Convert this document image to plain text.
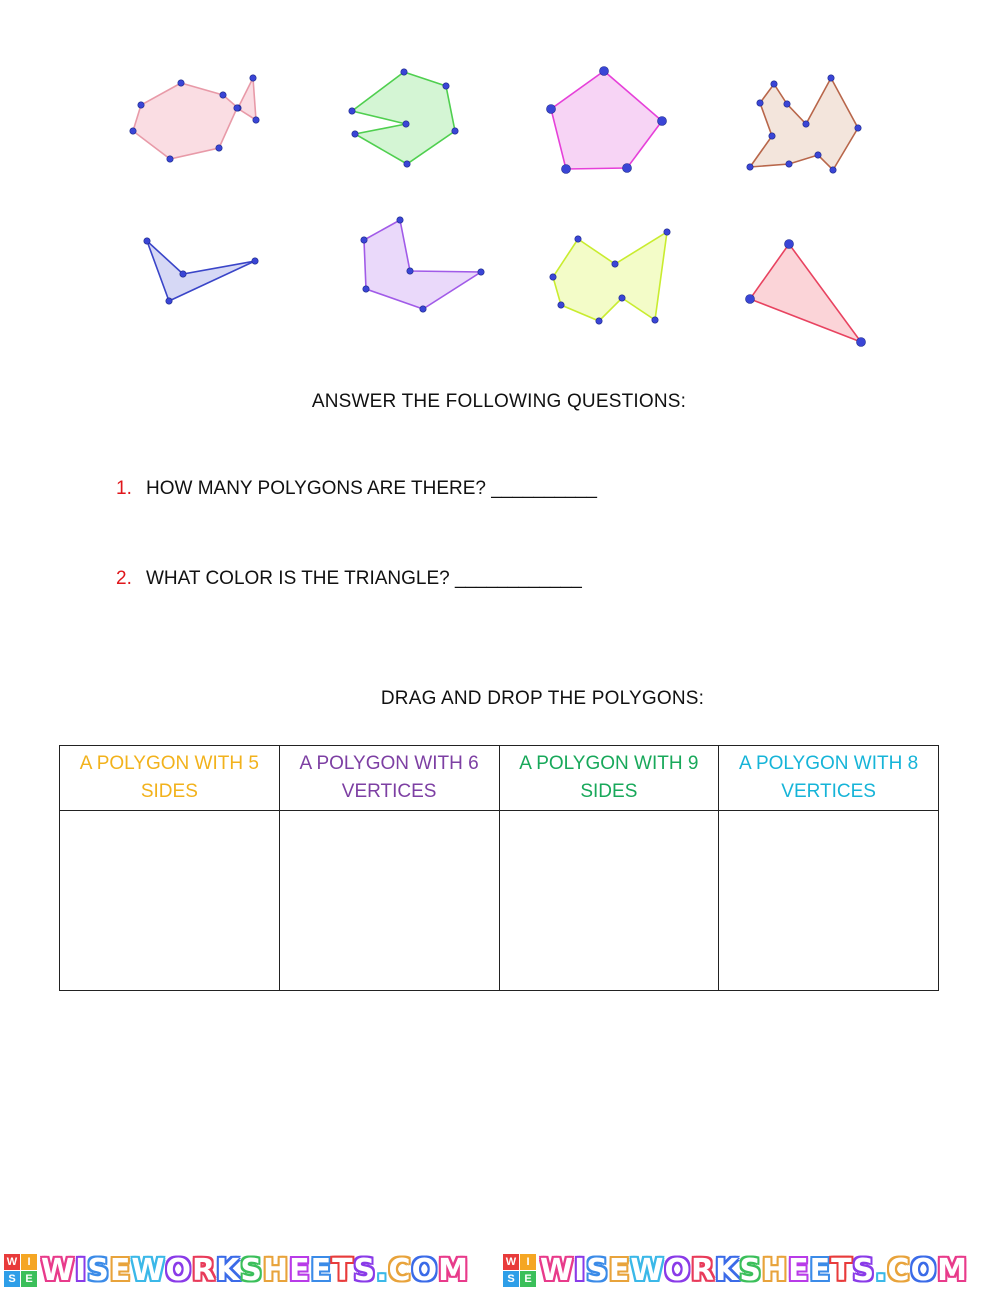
ANSWER THE FOLLOWING QUESTIONS:
1. HOW MANY POLYGONS ARE THERE? __________
2. WHAT COLOR IS THE TRIANGLE? ____________
DRAG AND DROP THE POLYGONS:
A POLYGON WITH 5 SIDES	A POLYGON WITH 6 VERTICES	A POLYGON WITH 9 SIDES	A POLYGON WITH 8 VERTICES

W I
S E W I S E W O R K S H E E T S . C O M	W I
S E W I S E W O R K S H E E T S . C O M
